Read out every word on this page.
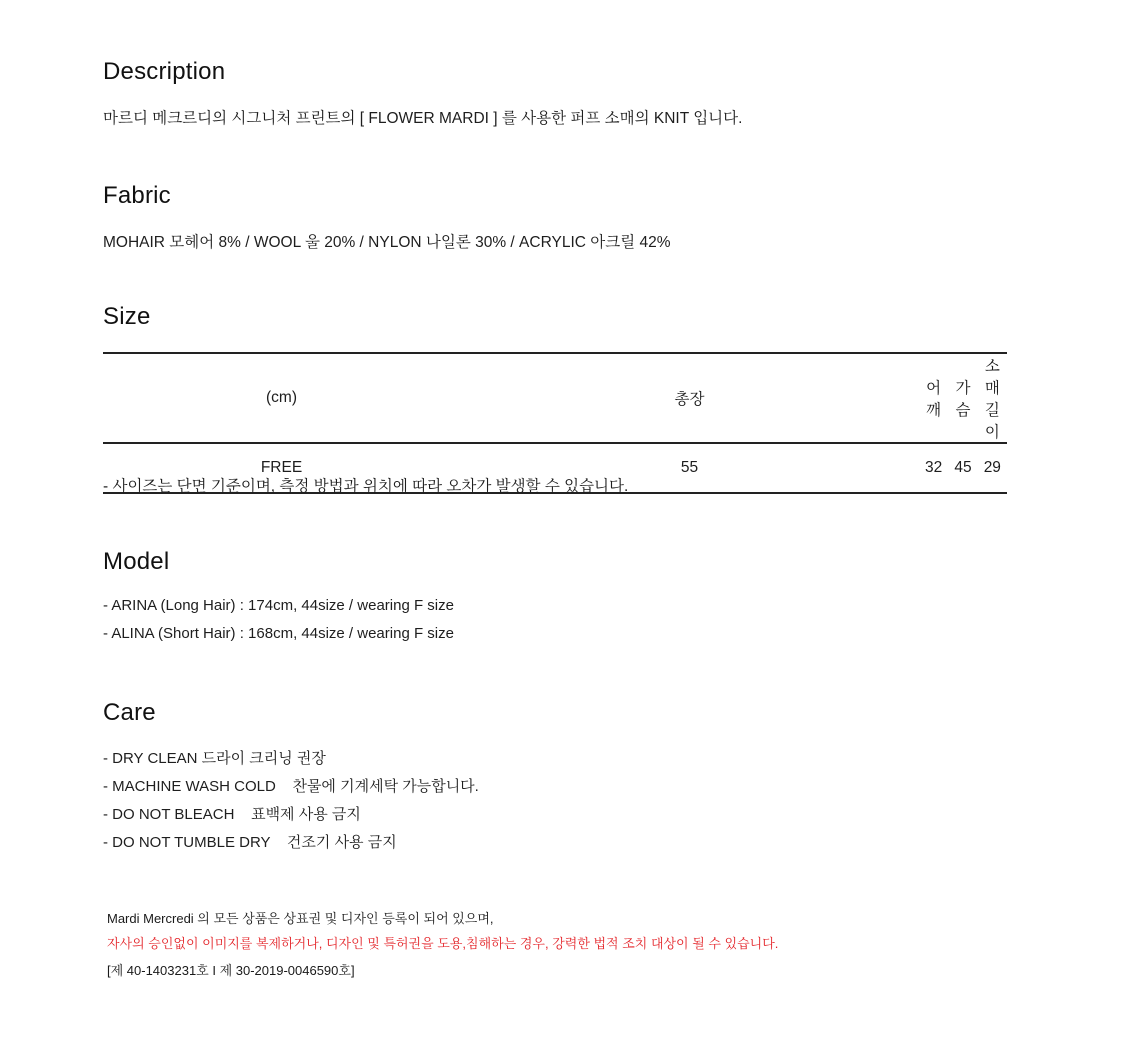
Description
마르디 메크르디의 시그니처 프린트의 [ FLOWER MARDI ] 를 사용한 퍼프 소매의 KNIT 입니다.
Fabric
MOHAIR 모헤어 8% / WOOL 울 20% / NYLON 나일론 30% / ACRYLIC 아크릴 42%
Size
(cm)	총장	어깨	가슴	소매길이
FREE	55	32	45	29
- 사이즈는 단면 기준이며, 측정 방법과 위치에 따라 오차가 발생할 수 있습니다.
Model
- ARINA (Long Hair) : 174cm, 44size / wearing F size
- ALINA (Short Hair) : 168cm, 44size / wearing F size
Care
- DRY CLEAN 드라이 크리닝 권장
- MACHINE WASH COLD    찬물에 기계세탁 가능합니다.
- DO NOT BLEACH    표백제 사용 금지
- DO NOT TUMBLE DRY    건조기 사용 금지
Mardi Mercredi 의 모든 상품은 상표권 및 디자인 등록이 되어 있으며,
자사의 승인없이 이미지를 복제하거나, 디자인 및 특허권을 도용,침해하는 경우, 강력한 법적 조치 대상이 될 수 있습니다.
[제 40-1403231호 I 제 30-2019-0046590호]
